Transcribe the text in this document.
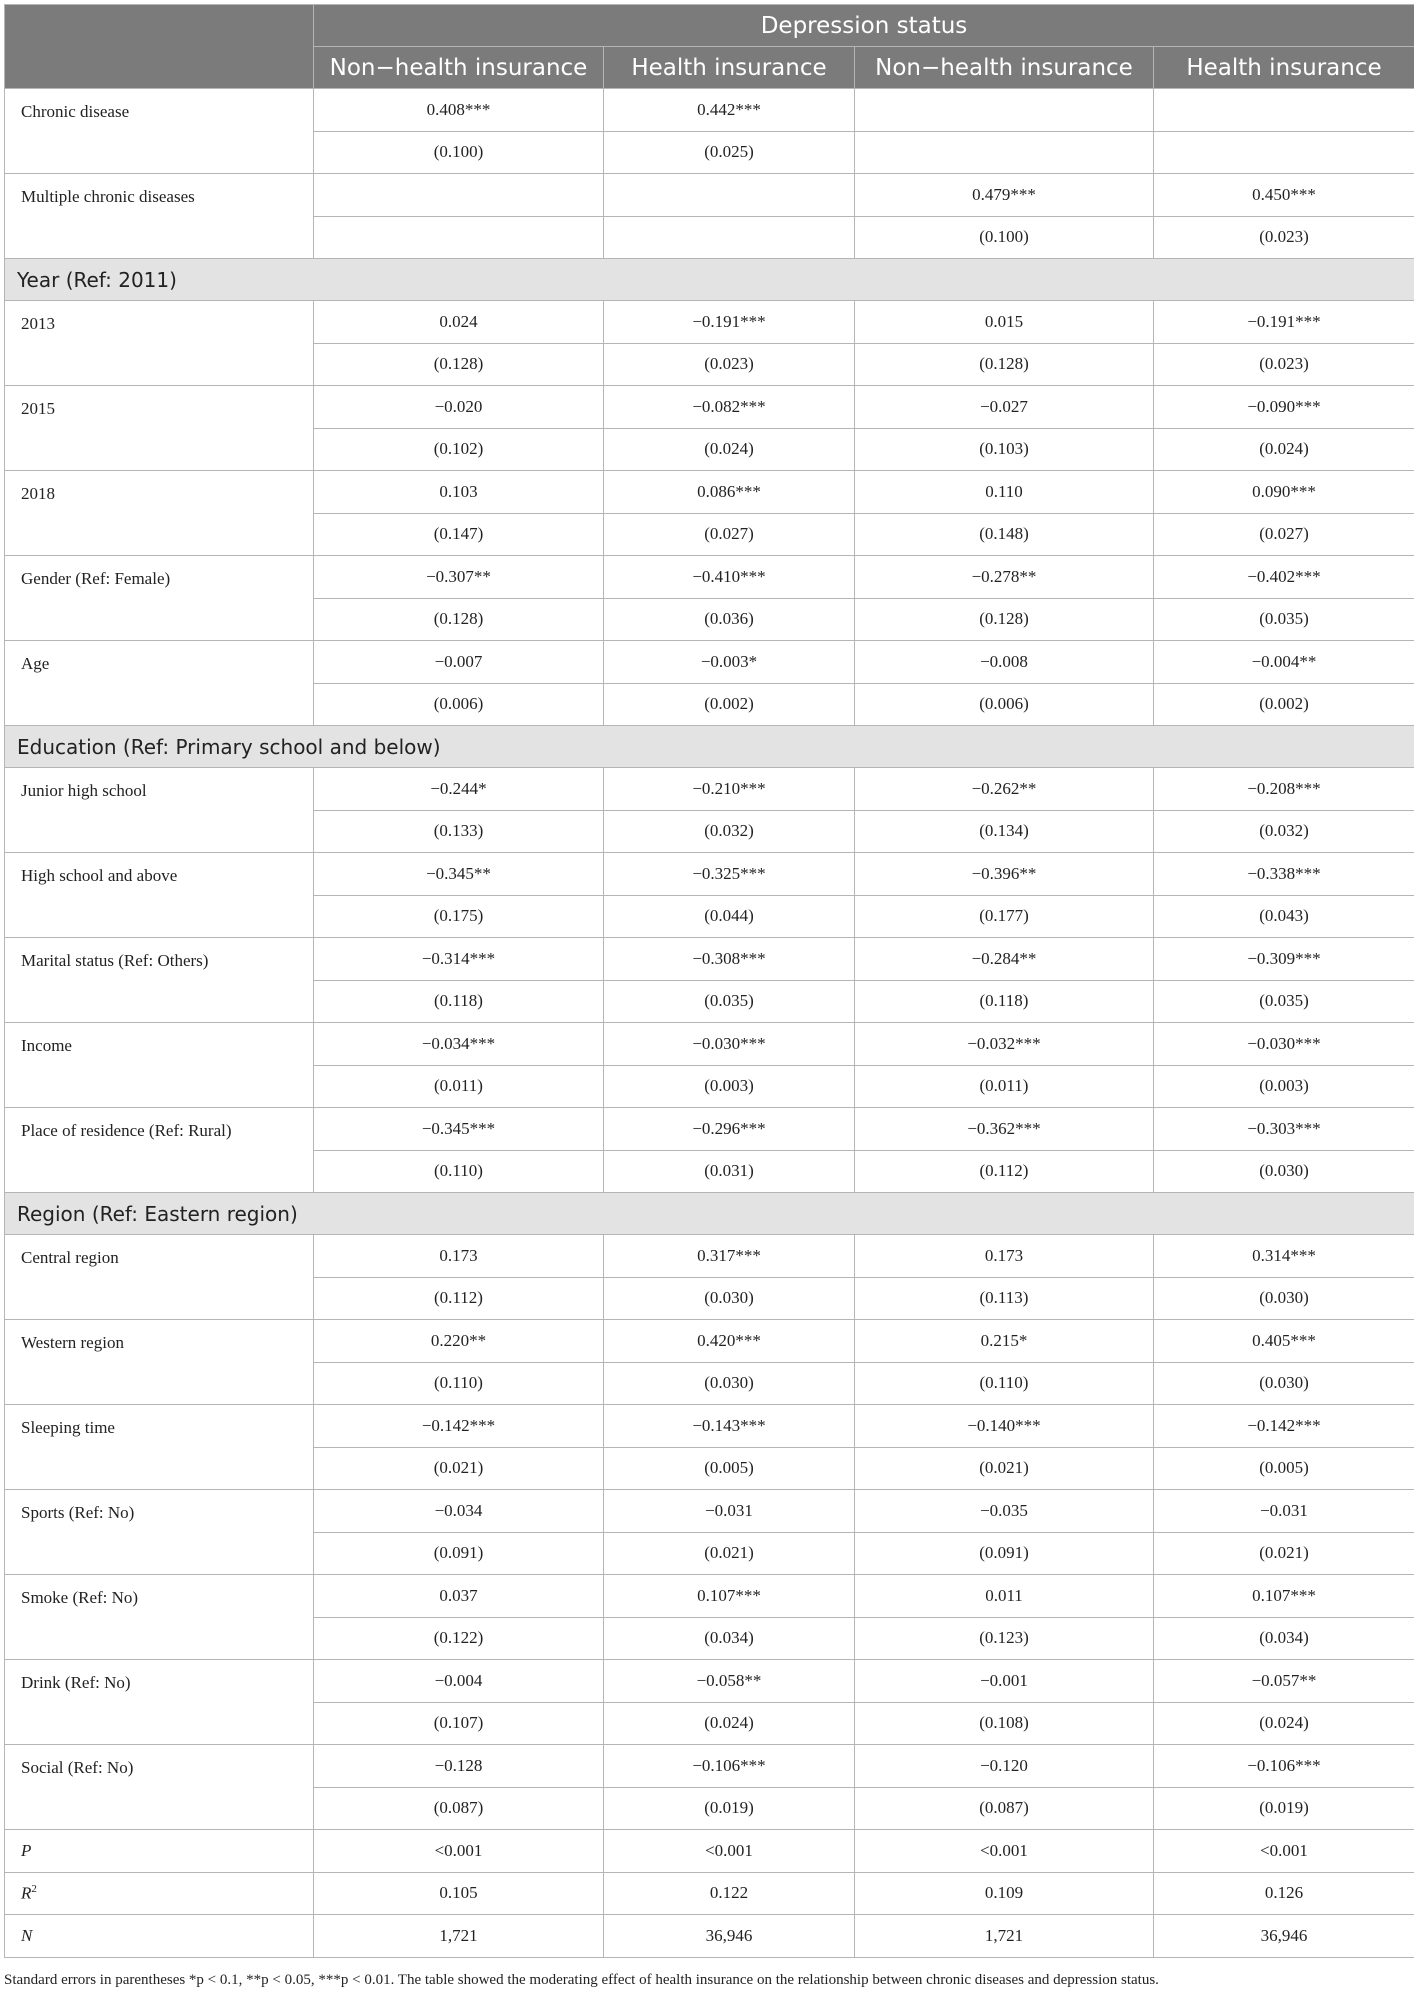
	Depression status			
	Non−health insurance	Health insurance	Non−health insurance	Health insurance
Chronic disease	0.408***	0.442***		
	(0.100)	(0.025)		
Multiple chronic diseases			0.479***	0.450***
			(0.100)	(0.023)
Year (Ref: 2011)				
2013	0.024	−0.191***	0.015	−0.191***
	(0.128)	(0.023)	(0.128)	(0.023)
2015	−0.020	−0.082***	−0.027	−0.090***
	(0.102)	(0.024)	(0.103)	(0.024)
2018	0.103	0.086***	0.110	0.090***
	(0.147)	(0.027)	(0.148)	(0.027)
Gender (Ref: Female)	−0.307**	−0.410***	−0.278**	−0.402***
	(0.128)	(0.036)	(0.128)	(0.035)
Age	−0.007	−0.003*	−0.008	−0.004**
	(0.006)	(0.002)	(0.006)	(0.002)
Education (Ref: Primary school and below)				
Junior high school	−0.244*	−0.210***	−0.262**	−0.208***
	(0.133)	(0.032)	(0.134)	(0.032)
High school and above	−0.345**	−0.325***	−0.396**	−0.338***
	(0.175)	(0.044)	(0.177)	(0.043)
Marital status (Ref: Others)	−0.314***	−0.308***	−0.284**	−0.309***
	(0.118)	(0.035)	(0.118)	(0.035)
Income	−0.034***	−0.030***	−0.032***	−0.030***
	(0.011)	(0.003)	(0.011)	(0.003)
Place of residence (Ref: Rural)	−0.345***	−0.296***	−0.362***	−0.303***
	(0.110)	(0.031)	(0.112)	(0.030)
Region (Ref: Eastern region)				
Central region	0.173	0.317***	0.173	0.314***
	(0.112)	(0.030)	(0.113)	(0.030)
Western region	0.220**	0.420***	0.215*	0.405***
	(0.110)	(0.030)	(0.110)	(0.030)
Sleeping time	−0.142***	−0.143***	−0.140***	−0.142***
	(0.021)	(0.005)	(0.021)	(0.005)
Sports (Ref: No)	−0.034	−0.031	−0.035	−0.031
	(0.091)	(0.021)	(0.091)	(0.021)
Smoke (Ref: No)	0.037	0.107***	0.011	0.107***
	(0.122)	(0.034)	(0.123)	(0.034)
Drink (Ref: No)	−0.004	−0.058**	−0.001	−0.057**
	(0.107)	(0.024)	(0.108)	(0.024)
Social (Ref: No)	−0.128	−0.106***	−0.120	−0.106***
	(0.087)	(0.019)	(0.087)	(0.019)
P	<0.001	<0.001	<0.001	<0.001
$R^2$	0.105	0.122	0.109	0.126
N	1,721	36,946	1,721	36,946
Standard errors in parentheses *p < 0.1, **p < 0.05, ***p < 0.01. The table showed the moderating effect of health insurance on the relationship between chronic diseases and depression status.
